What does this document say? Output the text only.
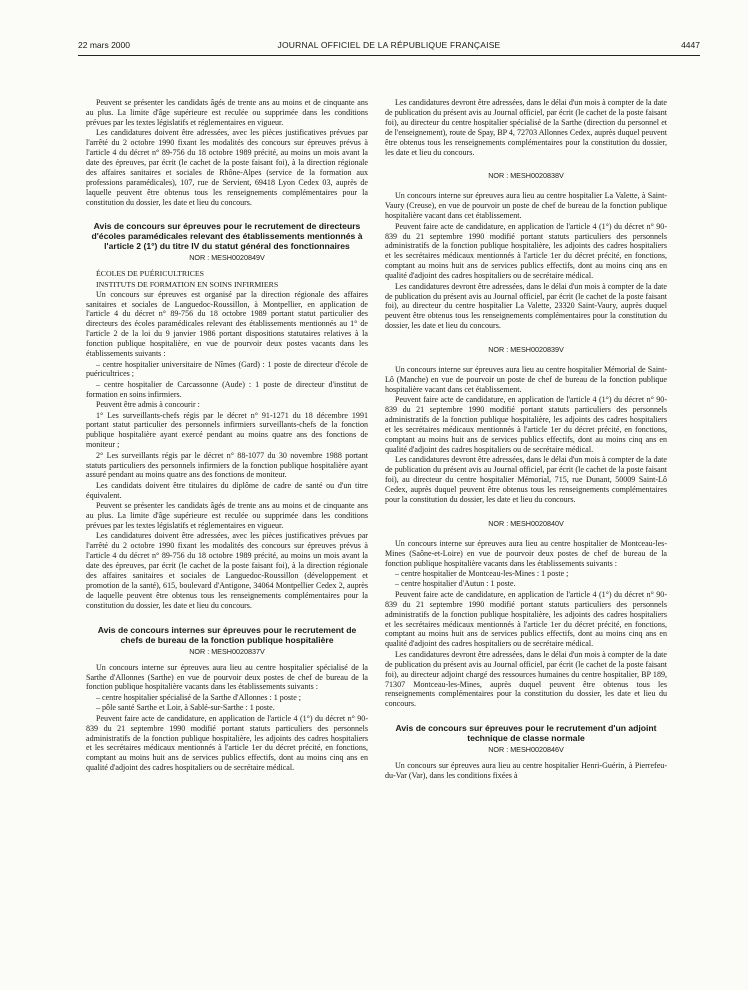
22 mars 2000	JOURNAL OFFICIEL DE LA RÉPUBLIQUE FRANÇAISE	4447

Peuvent se présenter les candidats âgés de trente ans au moins et de cinquante ans au plus. La limite d'âge supérieure est reculée ou supprimée dans les conditions prévues par les textes législatifs et réglementaires en vigueur.

Les candidatures doivent être adressées, avec les pièces justificatives prévues par l'arrêté du 2 octobre 1990 fixant les modalités des concours sur épreuves prévus à l'article 4 du décret n° 89-756 du 18 octobre 1989 précité, au moins un mois avant la date des épreuves, par écrit (le cachet de la poste faisant foi), à la direction régionale des affaires sanitaires et sociales de Rhône-Alpes (service de la formation aux professions paramédicales), 107, rue de Servient, 69418 Lyon Cedex 03, auprès de laquelle peuvent être obtenus tous les renseignements complémentaires pour la constitution du dossier, les date et lieu du concours.

Avis de concours sur épreuves pour le recrutement de directeurs d'écoles paramédicales relevant des établissements mentionnés à l'article 2 (1°) du titre IV du statut général des fonctionnaires
NOR : MESH0020849V

ÉCOLES DE PUÉRICULTRICES

INSTITUTS DE FORMATION EN SOINS INFIRMIERS

Un concours sur épreuves est organisé par la direction régionale des affaires sanitaires et sociales de Languedoc-Roussillon, à Montpellier, en application de l'article 4 du décret n° 89-756 du 18 octobre 1989 portant statut particulier des directeurs des écoles paramédicales relevant des établissements mentionnés au 1° de l'article 2 de la loi du 9 janvier 1986 portant dispositions statutaires relatives à la fonction publique hospitalière, en vue de pourvoir deux postes vacants dans les établissements suivants :

– centre hospitalier universitaire de Nîmes (Gard) : 1 poste de directeur d'école de puéricultrices ;

– centre hospitalier de Carcassonne (Aude) : 1 poste de directeur d'institut de formation en soins infirmiers.

Peuvent être admis à concourir :

1° Les surveillants-chefs régis par le décret n° 91-1271 du 18 décembre 1991 portant statut particulier des personnels infirmiers surveillants-chefs de la fonction publique hospitalière ayant exercé pendant au moins quatre ans des fonctions de moniteur ;

2° Les surveillants régis par le décret n° 88-1077 du 30 novembre 1988 portant statuts particuliers des personnels infirmiers de la fonction publique hospitalière ayant assuré pendant au moins quatre ans des fonctions de moniteur.

Les candidats doivent être titulaires du diplôme de cadre de santé ou d'un titre équivalent.

Peuvent se présenter les candidats âgés de trente ans au moins et de cinquante ans au plus. La limite d'âge supérieure est reculée ou supprimée dans les conditions prévues par les textes législatifs et réglementaires en vigueur.

Les candidatures doivent être adressées, avec les pièces justificatives prévues par l'arrêté du 2 octobre 1990 fixant les modalités des concours sur épreuves prévus à l'article 4 du décret n° 89-756 du 18 octobre 1989 précité, au moins un mois avant la date des épreuves, par écrit (le cachet de la poste faisant foi), à la direction régionale des affaires sanitaires et sociales de Languedoc-Roussillon (développement et promotion de la santé), 615, boulevard d'Antigone, 34064 Montpellier Cedex 2, auprès de laquelle peuvent être obtenus tous les renseignements complémentaires pour la constitution du dossier, les date et lieu du concours.

Avis de concours internes sur épreuves pour le recrutement de chefs de bureau de la fonction publique hospitalière
NOR : MESH0020837V

Un concours interne sur épreuves aura lieu au centre hospitalier spécialisé de la Sarthe d'Allonnes (Sarthe) en vue de pourvoir deux postes de chef de bureau de la fonction publique hospitalière vacants dans les établissements suivants :

– centre hospitalier spécialisé de la Sarthe d'Allonnes : 1 poste ;

– pôle santé Sarthe et Loir, à Sablé-sur-Sarthe : 1 poste.

Peuvent faire acte de candidature, en application de l'article 4 (1°) du décret n° 90-839 du 21 septembre 1990 modifié portant statuts particuliers des personnels administratifs de la fonction publique hospitalière, les adjoints des cadres hospitaliers et les secrétaires médicaux mentionnés à l'article 1er du décret précité, en fonctions, comptant au moins huit ans de services publics effectifs, dont au moins cinq ans en qualité d'adjoint des cadres hospitaliers ou de secrétaire médical.

Les candidatures devront être adressées, dans le délai d'un mois à compter de la date de publication du présent avis au Journal officiel, par écrit (le cachet de la poste faisant foi), au directeur du centre hospitalier spécialisé de la Sarthe (direction du personnel et de l'enseignement), route de Spay, BP 4, 72703 Allonnes Cedex, auprès duquel peuvent être obtenus tous les renseignements complémentaires pour la constitution du dossier, les date et lieu du concours.

NOR : MESH0020838V

Un concours interne sur épreuves aura lieu au centre hospitalier La Valette, à Saint-Vaury (Creuse), en vue de pourvoir un poste de chef de bureau de la fonction publique hospitalière vacant dans cet établissement.

Peuvent faire acte de candidature, en application de l'article 4 (1°) du décret n° 90-839 du 21 septembre 1990 modifié portant statuts particuliers des personnels administratifs de la fonction publique hospitalière, les adjoints des cadres hospitaliers et les secrétaires médicaux mentionnés à l'article 1er du décret précité, en fonctions, comptant au moins huit ans de services publics effectifs, dont au moins cinq ans en qualité d'adjoint des cadres hospitaliers ou de secrétaire médical.

Les candidatures devront être adressées, dans le délai d'un mois à compter de la date de publication du présent avis au Journal officiel, par écrit (le cachet de la poste faisant foi), au directeur du centre hospitalier La Valette, 23320 Saint-Vaury, auprès duquel peuvent être obtenus tous les renseignements complémentaires pour la constitution du dossier, les date et lieu du concours.

NOR : MESH0020839V

Un concours interne sur épreuves aura lieu au centre hospitalier Mémorial de Saint-Lô (Manche) en vue de pourvoir un poste de chef de bureau de la fonction publique hospitalière vacant dans cet établissement.

Peuvent faire acte de candidature, en application de l'article 4 (1°) du décret n° 90-839 du 21 septembre 1990 modifié portant statuts particuliers des personnels administratifs de la fonction publique hospitalière, les adjoints des cadres hospitaliers et les secrétaires médicaux mentionnés à l'article 1er du décret précité, en fonctions, comptant au moins huit ans de services publics effectifs, dont au moins cinq ans en qualité d'adjoint des cadres hospitaliers ou de secrétaire médical.

Les candidatures devront être adressées, dans le délai d'un mois à compter de la date de publication du présent avis au Journal officiel, par écrit (le cachet de la poste faisant foi), au directeur du centre hospitalier Mémorial, 715, rue Dunant, 50009 Saint-Lô Cedex, auprès duquel peuvent être obtenus tous les renseignements complémentaires pour la constitution du dossier, les date et lieu du concours.

NOR : MESH0020840V

Un concours interne sur épreuves aura lieu au centre hospitalier de Montceau-les-Mines (Saône-et-Loire) en vue de pourvoir deux postes de chef de bureau de la fonction publique hospitalière vacants dans les établissements suivants :

– centre hospitalier de Montceau-les-Mines : 1 poste ;

– centre hospitalier d'Autun : 1 poste.

Peuvent faire acte de candidature, en application de l'article 4 (1°) du décret n° 90-839 du 21 septembre 1990 modifié portant statuts particuliers des personnels administratifs de la fonction publique hospitalière, les adjoints des cadres hospitaliers et les secrétaires médicaux mentionnés à l'article 1er du décret précité, en fonctions, comptant au moins huit ans de services publics effectifs, dont au moins cinq ans en qualité d'adjoint des cadres hospitaliers ou de secrétaire médical.

Les candidatures devront être adressées, dans le délai d'un mois à compter de la date de publication du présent avis au Journal officiel, par écrit (le cachet de la poste faisant foi), au directeur adjoint chargé des ressources humaines du centre hospitalier, BP 189, 71307 Montceau-les-Mines, auprès duquel peuvent être obtenus tous les renseignements complémentaires pour la constitution du dossier, les date et lieu du concours.

Avis de concours sur épreuves pour le recrutement d'un adjoint technique de classe normale
NOR : MESH0020846V

Un concours sur épreuves aura lieu au centre hospitalier Henri-Guérin, à Pierrefeu-du-Var (Var), dans les conditions fixées à
